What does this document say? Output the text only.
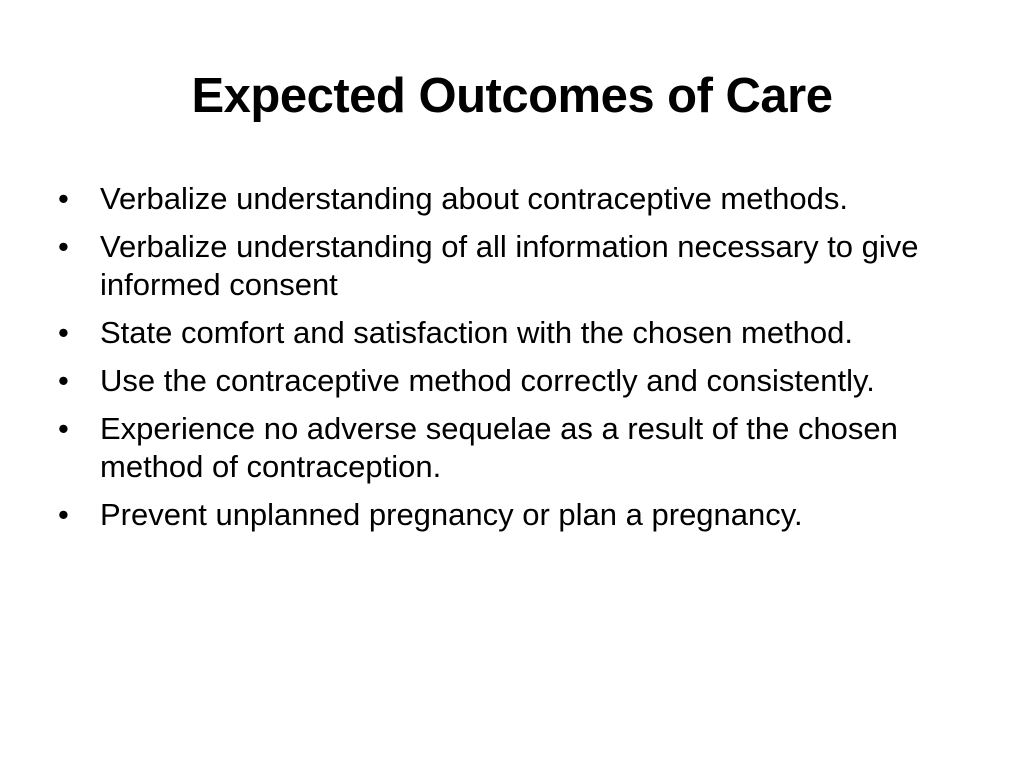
Expected Outcomes of Care
•	Verbalize understanding about contraceptive methods.
•	Verbalize understanding of all information necessary to give informed consent
•	State comfort and satisfaction with the chosen method.
•	Use the contraceptive method correctly and consistently.
•	Experience no adverse sequelae as a result of the chosen method of contraception.
•	Prevent unplanned pregnancy or plan a pregnancy.
